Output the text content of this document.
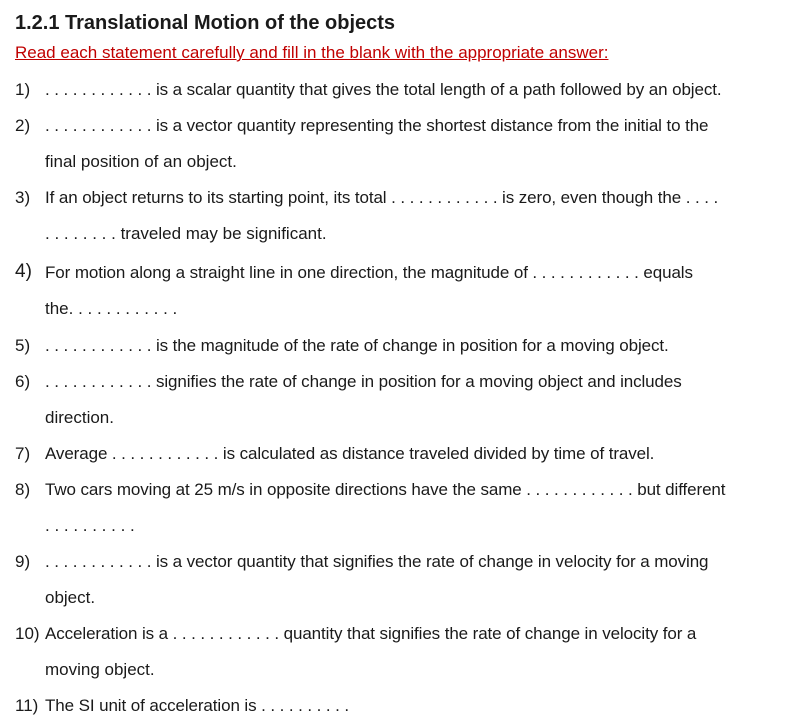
1.2.1 Translational Motion of the objects
Read each statement carefully and fill in the blank with the appropriate answer:
1) . . . . . . . . . . . . is a scalar quantity that gives the total length of a path followed by an object.
2) . . . . . . . . . . . . is a vector quantity representing the shortest distance from the initial to the
final position of an object.
3) If an object returns to its starting point, its total . . . . . . . . . . . . is zero, even though the . . . .
. . . . . . . . traveled may be significant.
4) For motion along a straight line in one direction, the magnitude of . . . . . . . . . . . . equals
the. . . . . . . . . . . .
5) . . . . . . . . . . . . is the magnitude of the rate of change in position for a moving object.
6) . . . . . . . . . . . . signifies the rate of change in position for a moving object and includes
direction.
7) Average . . . . . . . . . . . . is calculated as distance traveled divided by time of travel.
8) Two cars moving at 25 m/s in opposite directions have the same . . . . . . . . . . . . but different
. . . . . . . . . .
9) . . . . . . . . . . . . is a vector quantity that signifies the rate of change in velocity for a moving
object.
10) Acceleration is a . . . . . . . . . . . . quantity that signifies the rate of change in velocity for a
moving object.
11) The SI unit of acceleration is . . . . . . . . . .
